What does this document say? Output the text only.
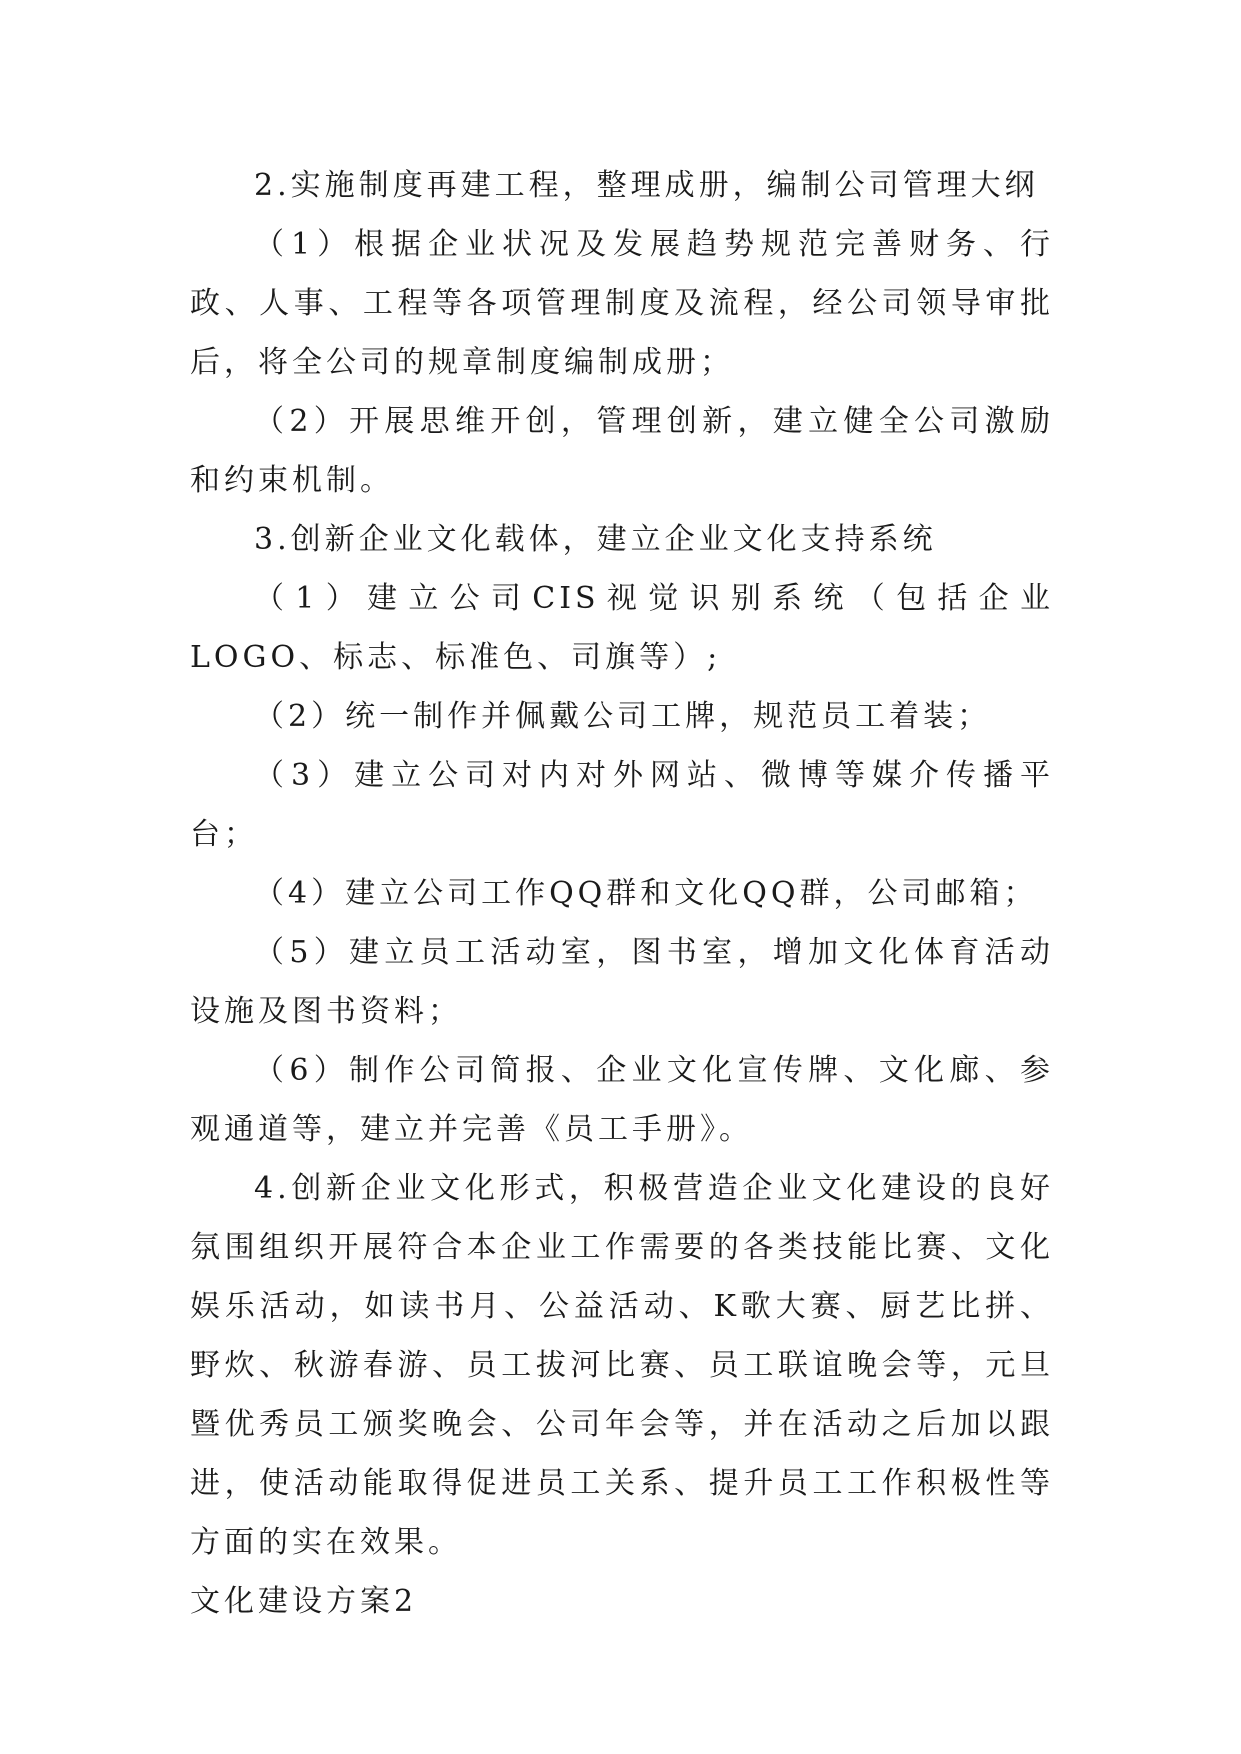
2.实施制度再建工程，整理成册，编制公司管理大纲

（1）根据企业状况及发展趋势规范完善财务、行政、人事、工程等各项管理制度及流程，经公司领导审批后，将全公司的规章制度编制成册；

（2）开展思维开创，管理创新，建立健全公司激励和约束机制。

3.创新企业文化载体，建立企业文化支持系统

（1）建立公司CIS视觉识别系统（包括企业LOGO、标志、标准色、司旗等）;

（2）统一制作并佩戴公司工牌，规范员工着装；

（3）建立公司对内对外网站、微博等媒介传播平台；

（4）建立公司工作QQ群和文化QQ群，公司邮箱；

（5）建立员工活动室，图书室，增加文化体育活动设施及图书资料；

（6）制作公司简报、企业文化宣传牌、文化廊、参观通道等，建立并完善《员工手册》。

4.创新企业文化形式，积极营造企业文化建设的良好氛围组织开展符合本企业工作需要的各类技能比赛、文化娱乐活动，如读书月、公益活动、K歌大赛、厨艺比拼、野炊、秋游春游、员工拔河比赛、员工联谊晚会等，元旦暨优秀员工颁奖晚会、公司年会等，并在活动之后加以跟进，使活动能取得促进员工关系、提升员工工作积极性等方面的实在效果。

文化建设方案2
